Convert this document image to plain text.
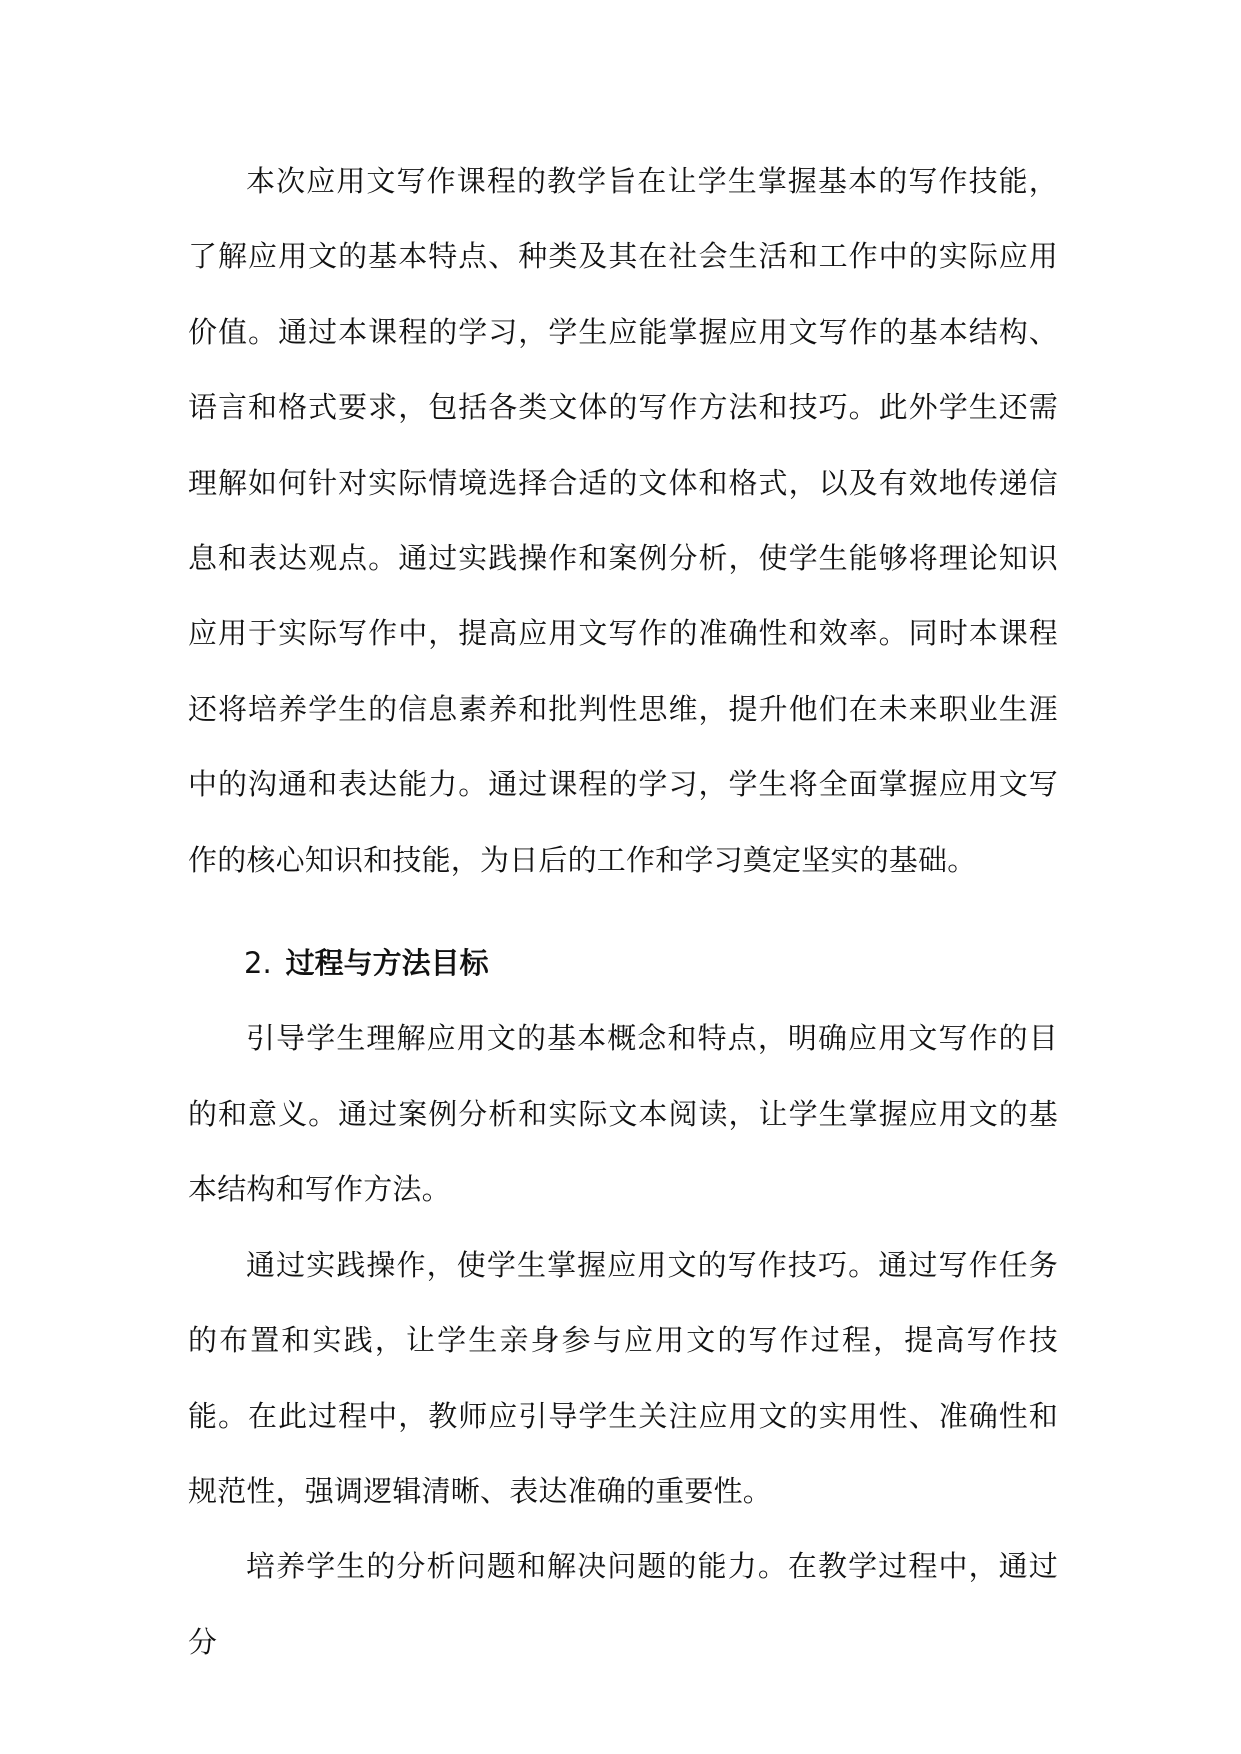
本次应用文写作课程的教学旨在让学生掌握基本的写作技能，了解应用文的基本特点、种类及其在社会生活和工作中的实际应用价值。通过本课程的学习，学生应能掌握应用文写作的基本结构、语言和格式要求，包括各类文体的写作方法和技巧。此外学生还需理解如何针对实际情境选择合适的文体和格式，以及有效地传递信息和表达观点。通过实践操作和案例分析，使学生能够将理论知识应用于实际写作中，提高应用文写作的准确性和效率。同时本课程还将培养学生的信息素养和批判性思维，提升他们在未来职业生涯中的沟通和表达能力。通过课程的学习，学生将全面掌握应用文写作的核心知识和技能，为日后的工作和学习奠定坚实的基础。

2. 过程与方法目标

引导学生理解应用文的基本概念和特点，明确应用文写作的目的和意义。通过案例分析和实际文本阅读，让学生掌握应用文的基本结构和写作方法。

通过实践操作，使学生掌握应用文的写作技巧。通过写作任务的布置和实践，让学生亲身参与应用文的写作过程，提高写作技能。在此过程中，教师应引导学生关注应用文的实用性、准确性和规范性，强调逻辑清晰、表达准确的重要性。

培养学生的分析问题和解决问题的能力。在教学过程中，通过分
